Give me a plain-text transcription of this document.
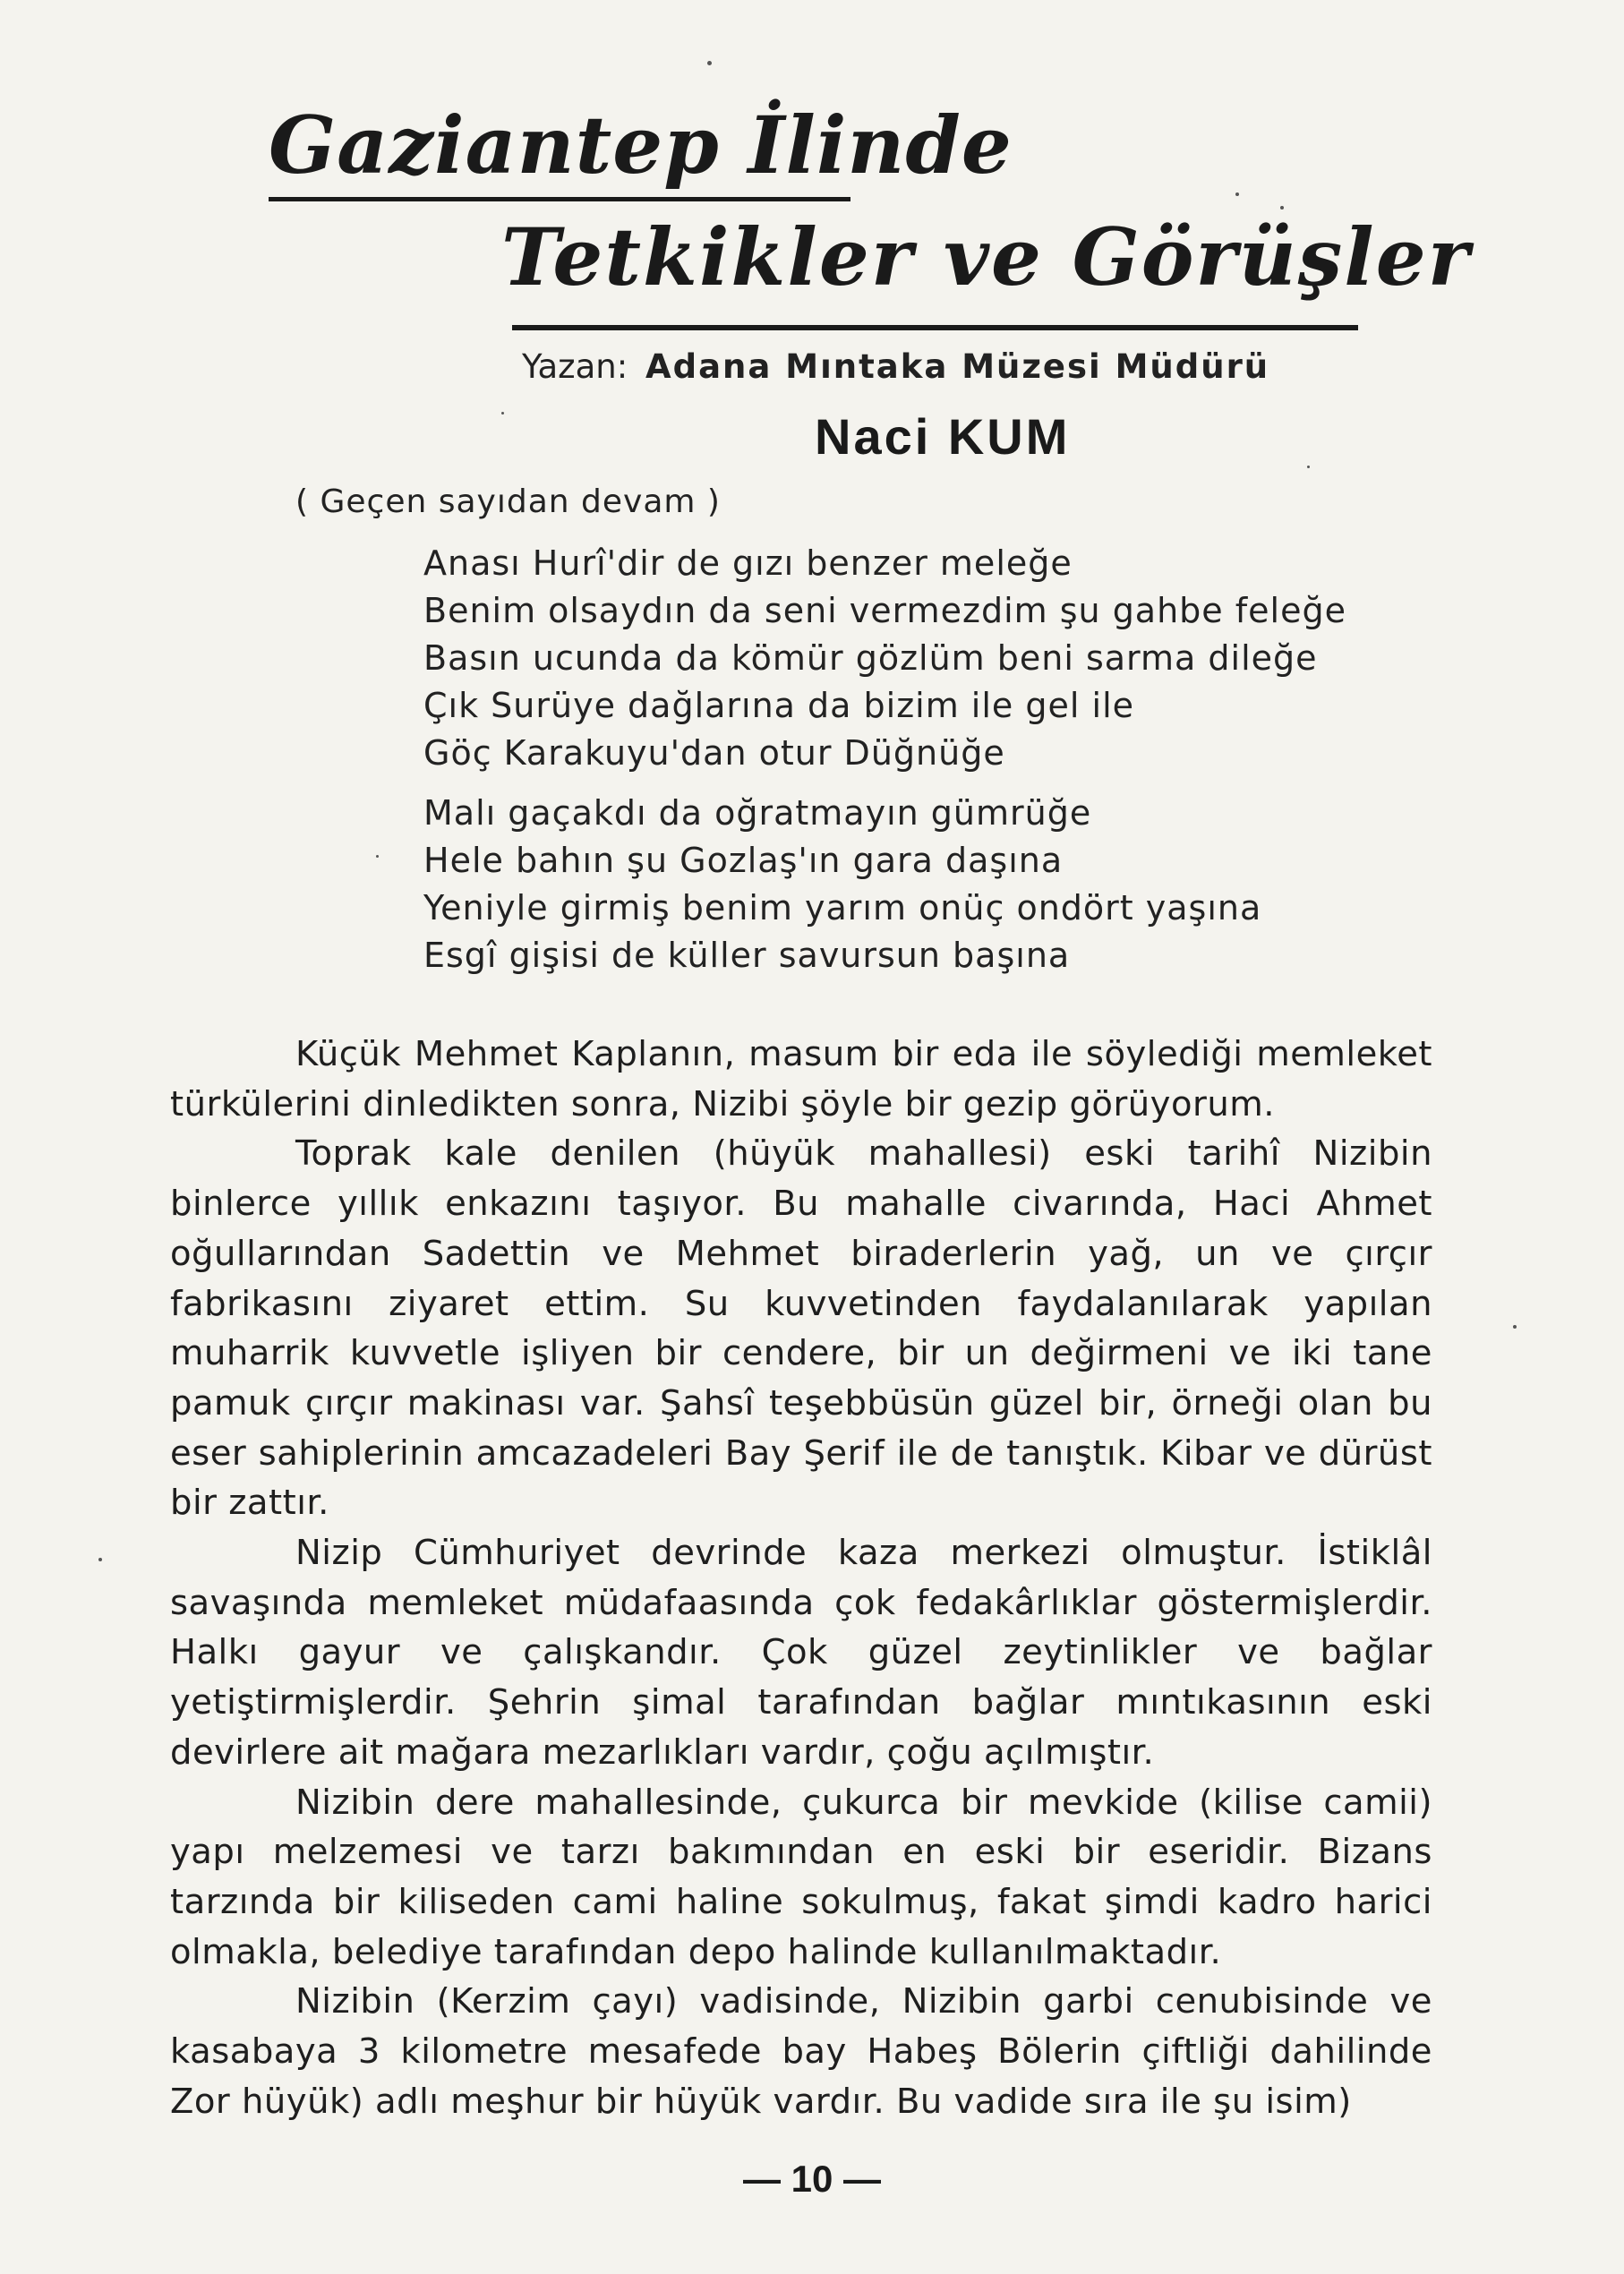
Gaziantep İlinde
Tetkikler ve Görüşler
Yazan: Adana Mıntaka Müzesi Müdürü
Naci KUM
( Geçen sayıdan devam )
Anası Hurî'dir de gızı benzer meleğe
Benim olsaydın da seni vermezdim şu gahbe feleğe
Basın ucunda da kömür gözlüm beni sarma dileğe
Çık Surüye dağlarına da bizim ile gel ile
Göç Karakuyu'dan otur Düğnüğe
Malı gaçakdı da oğratmayın gümrüğe
Hele bahın şu Gozlaş'ın gara daşına
Yeniyle girmiş benim yarım onüç ondört yaşına
Esgî gişisi de küller savursun başına

Küçük Mehmet Kaplanın, masum bir eda ile söylediği memleket türkülerini dinledikten sonra, Nizibi şöyle bir gezip görüyorum.

Toprak kale denilen (hüyük mahallesi) eski tarihî Nizibin binlerce yıllık enkazını taşıyor. Bu mahalle civarında, Haci Ahmet oğullarından Sadettin ve Mehmet biraderlerin yağ, un ve çırçır fabrikasını ziyaret ettim. Su kuvvetinden faydalanılarak yapılan muharrik kuvvetle işliyen bir cendere, bir un değirmeni ve iki tane pamuk çırçır makinası var. Şahsî teşebbüsün güzel bir, örneği olan bu eser sahiplerinin amcazadeleri Bay Şerif ile de tanıştık. Kibar ve dürüst bir zattır.

Nizip Cümhuriyet devrinde kaza merkezi olmuştur. İstiklâl savaşında memleket müdafaasında çok fedakârlıklar göstermişlerdir. Halkı gayur ve çalışkandır. Çok güzel zeytinlikler ve bağlar yetiştirmişlerdir. Şehrin şimal tarafından bağlar mıntıkasının eski devirlere ait mağara mezarlıkları vardır, çoğu açılmıştır.

Nizibin dere mahallesinde, çukurca bir mevkide (kilise camii) yapı melzemesi ve tarzı bakımından en eski bir eseridir. Bizans tarzında bir kiliseden cami haline sokulmuş, fakat şimdi kadro harici olmakla, belediye tarafından depo halinde kullanılmaktadır.

Nizibin (Kerzim çayı) vadisinde, Nizibin garbi cenubisinde ve kasabaya 3 kilometre mesafede bay Habeş Bölerin çiftliği dahilinde Zor hüyük) adlı meşhur bir hüyük vardır. Bu vadide sıra ile şu isim)

— 10 —
